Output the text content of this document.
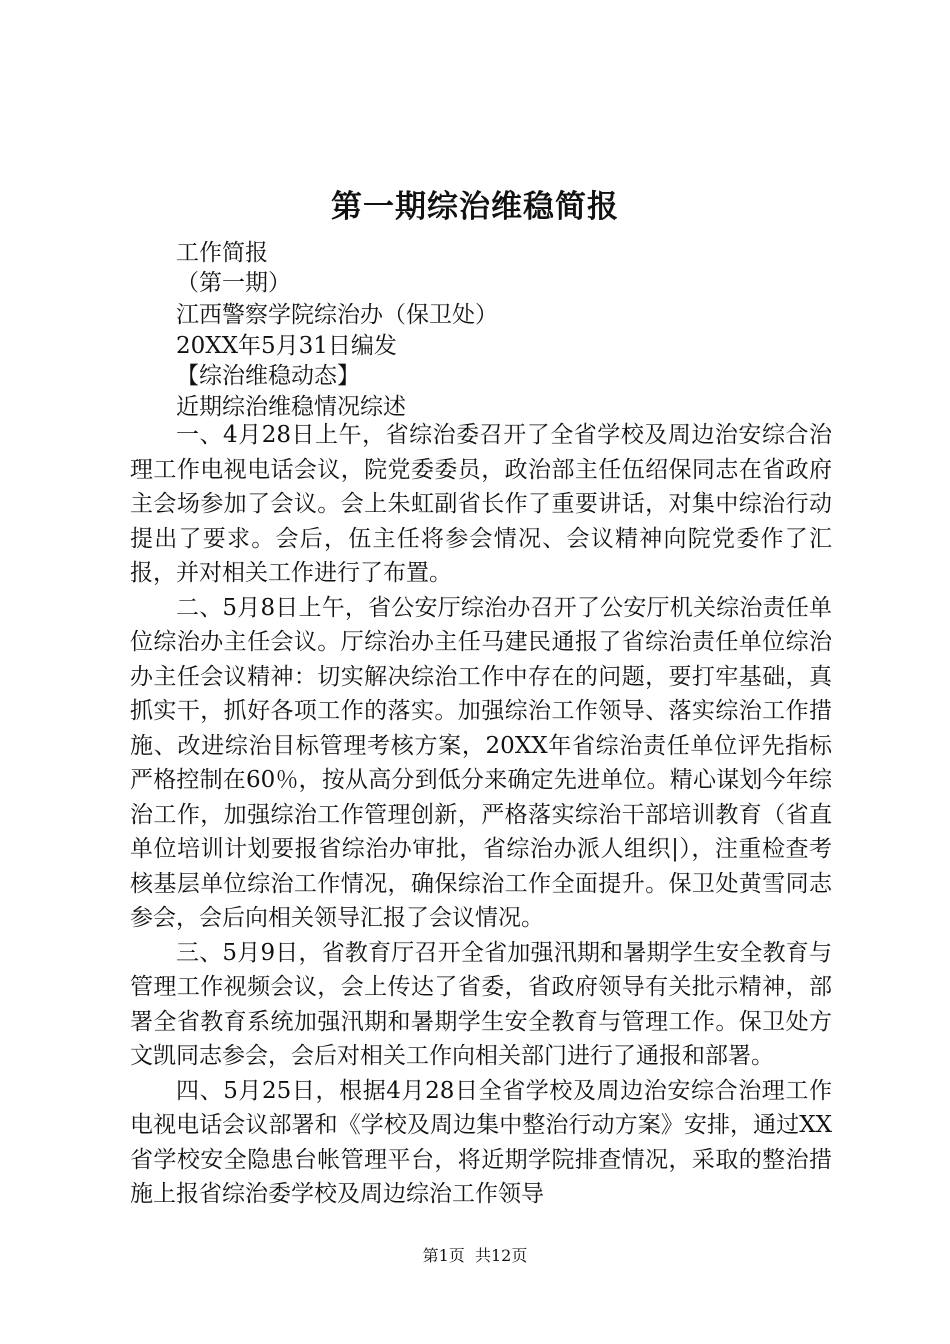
第一期综治维稳简报
工作简报
（第一期）
江西警察学院综治办（保卫处）
20XX年5月31日编发
【综治维稳动态】
近期综治维稳情况综述

一、4月28日上午，省综治委召开了全省学校及周边治安综合治理工作电视电话会议，院党委委员，政治部主任伍绍保同志在省政府主会场参加了会议。会上朱虹副省长作了重要讲话，对集中综治行动提出了要求。会后，伍主任将参会情况、会议精神向院党委作了汇报，并对相关工作进行了布置。

二、5月8日上午，省公安厅综治办召开了公安厅机关综治责任单位综治办主任会议。厅综治办主任马建民通报了省综治责任单位综治办主任会议精神：切实解决综治工作中存在的问题，要打牢基础，真抓实干，抓好各项工作的落实。加强综治工作领导、落实综治工作措施、改进综治目标管理考核方案，20XX年省综治责任单位评先指标严格控制在60％，按从高分到低分来确定先进单位。精心谋划今年综治工作，加强综治工作管理创新，严格落实综治干部培训教育（省直单位培训计划要报省综治办审批，省综治办派人组织|），注重检查考核基层单位综治工作情况，确保综治工作全面提升。保卫处黄雪同志参会，会后向相关领导汇报了会议情况。

三、5月9日，省教育厅召开全省加强汛期和暑期学生安全教育与管理工作视频会议，会上传达了省委，省政府领导有关批示精神，部署全省教育系统加强汛期和暑期学生安全教育与管理工作。保卫处方文凯同志参会，会后对相关工作向相关部门进行了通报和部署。

四、5月25日，根据4月28日全省学校及周边治安综合治理工作电视电话会议部署和《学校及周边集中整治行动方案》安排，通过XX省学校安全隐患台帐管理平台，将近期学院排查情况，采取的整治措施上报省综治委学校及周边综治工作领导

第1页 共12页
